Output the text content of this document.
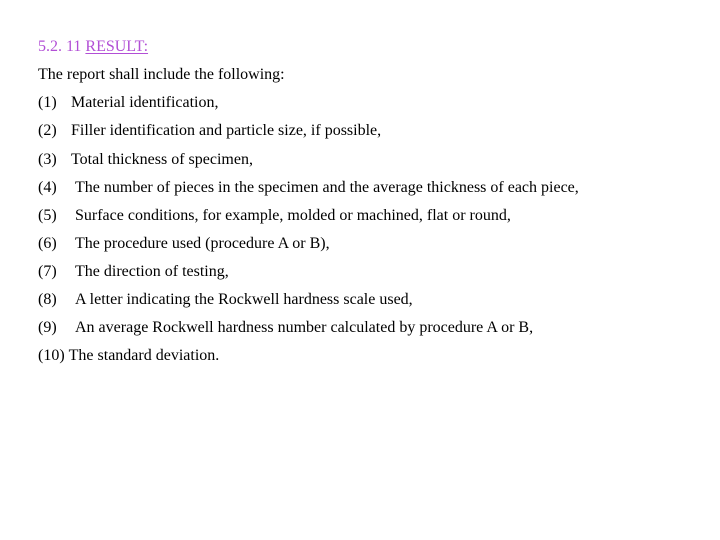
5.2. 11 RESULT:
The report shall include the following:
(1) Material identification,
(2) Filler identification and particle size, if possible,
(3) Total thickness of specimen,
(4) The number of pieces in the specimen and the average thickness of each piece,
(5) Surface conditions, for example, molded or machined, flat or round,
(6) The procedure used (procedure A or B),
(7) The direction of testing,
(8) A letter indicating the Rockwell hardness scale used,
(9) An average Rockwell hardness number calculated by procedure A or B,
(10) The standard deviation.
